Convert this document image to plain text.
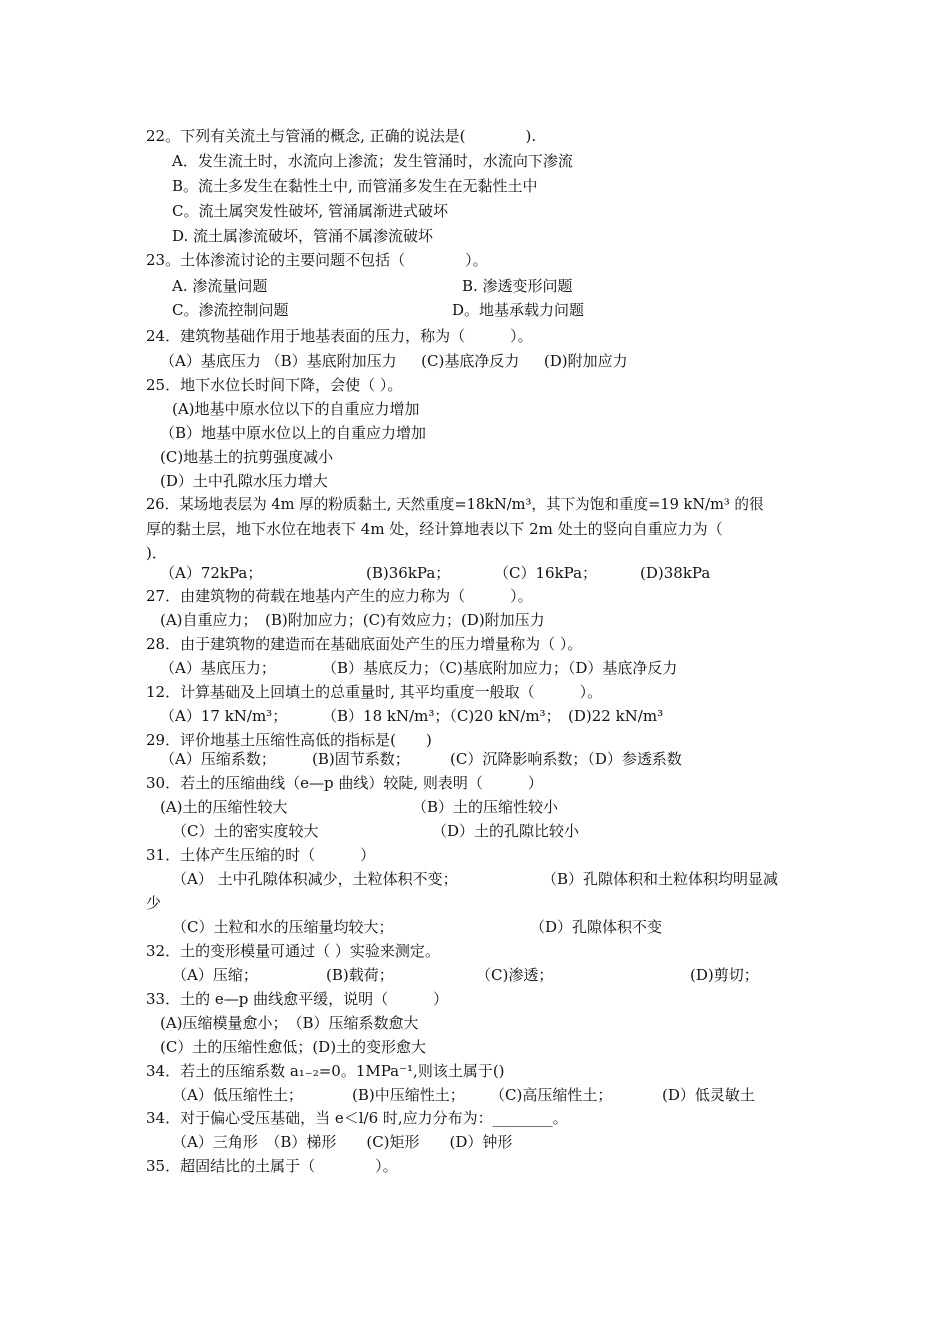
22。下列有关流土与管涌的概念, 正确的说法是(　　　　).
A．发生流土时，水流向上渗流；发生管涌时，水流向下渗流
B。流土多发生在黏性土中, 而管涌多发生在无黏性土中
C。流土属突发性破坏, 管涌属渐进式破坏
D. 流土属渗流破坏，管涌不属渗流破坏
23。土体渗流讨论的主要问题不包括（　　　　）。
A. 渗流量问题	B. 渗透变形问题
C。渗流控制问题	D。地基承载力问题
24．建筑物基础作用于地基表面的压力，称为（　　　）。
（A）基底压力 （B）基底附加压力　  (C)基底净反力　  (D)附加应力
25．地下水位长时间下降，会使（ ）。
(A)地基中原水位以下的自重应力增加
（B）地基中原水位以上的自重应力增加
(C)地基土的抗剪强度减小
(D）土中孔隙水压力增大
26．某场地表层为 4m 厚的粉质黏土, 天然重度=18kN/m³，其下为饱和重度=19 kN/m³ 的很
厚的黏土层，地下水位在地表下 4m 处，经计算地表以下 2m 处土的竖向自重应力为（
)．
（A）72kPa；	(B)36kPa；	（C）16kPa；	(D)38kPa
27．由建筑物的荷载在地基内产生的应力称为（　　　）。
(A)自重应力；　(B)附加应力；(C)有效应力；(D)附加压力
28．由于建筑物的建造而在基础底面处产生的压力增量称为（ ）。
（A）基底压力；	（B）基底反力；（C)基底附加应力；（D）基底净反力
12．计算基础及上回填土的总重量时, 其平均重度一般取（　　　）。
（A）17 kN/m³； （B）18 kN/m³；（C)20 kN/m³； (D)22 kN/m³
29．评价地基土压缩性高低的指标是(　　)
（A）压缩系数； (B)固节系数；	(C）沉降影响系数；（D）参透系数
30．若土的压缩曲线（e—p 曲线）较陡, 则表明（　　　）
(A)土的压缩性较大	（B）土的压缩性较小
（C）土的密实度较大	（D）土的孔隙比较小
31．土体产生压缩的时（　　　）
（A） 土中孔隙体积减少，土粒体积不变；	（B）孔隙体积和土粒体积均明显减
少
（C）土粒和水的压缩量均较大；	（D）孔隙体积不变
32．土的变形模量可通过（ ）实验来测定。
（A）压缩；	(B)载荷；	（C)渗透；	(D)剪切；
33．土的 e—p 曲线愈平缓，说明（　　　）
(A)压缩模量愈小；　（B）压缩系数愈大
(C）土的压缩性愈低；(D)土的变形愈大
34．若土的压缩系数 a₁₋₂=0。1MPa⁻¹,则该土属于()
（A）低压缩性土；	(B)中压缩性土； （C)高压缩性土；	(D）低灵敏土
34．对于偏心受压基础，当 e＜l/6 时,应力分布为：________。
（A）三角形　（B）梯形　　(C)矩形　　(D）钟形
35．超固结比的土属于（　　　　）。
